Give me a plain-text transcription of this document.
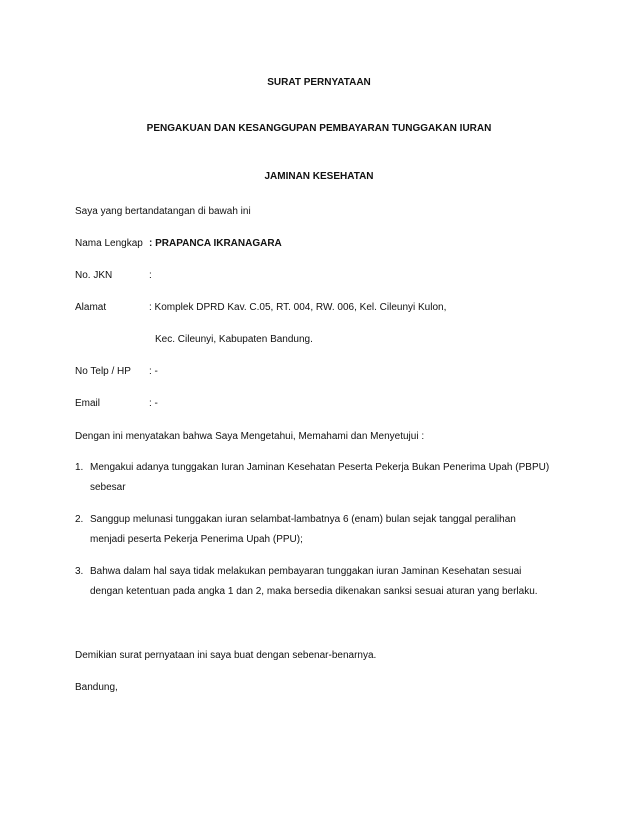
SURAT PERNYATAAN
PENGAKUAN DAN KESANGGUPAN PEMBAYARAN TUNGGAKAN IURAN
JAMINAN KESEHATAN
Saya yang bertandatangan di bawah ini
Nama Lengkap : PRAPANCA IKRANAGARA
No. JKN	:
Alamat	: Komplek DPRD Kav. C.05, RT. 004, RW. 006, Kel. Cileunyi Kulon,
Kec. Cileunyi, Kabupaten Bandung.
No Telp / HP : -
Email	: -
Dengan ini menyatakan bahwa Saya Mengetahui, Memahami dan Menyetujui :
1. Mengakui adanya tunggakan Iuran Jaminan Kesehatan Peserta Pekerja Bukan Penerima Upah (PBPU)
sebesar
2. Sanggup melunasi tunggakan iuran selambat-lambatnya 6 (enam) bulan sejak tanggal peralihan
menjadi peserta Pekerja Penerima Upah (PPU);
3. Bahwa dalam hal saya tidak melakukan pembayaran tunggakan iuran Jaminan Kesehatan sesuai
dengan ketentuan pada angka 1 dan 2, maka bersedia dikenakan sanksi sesuai aturan yang berlaku.
Demikian surat pernyataan ini saya buat dengan sebenar-benarnya.
Bandung,
